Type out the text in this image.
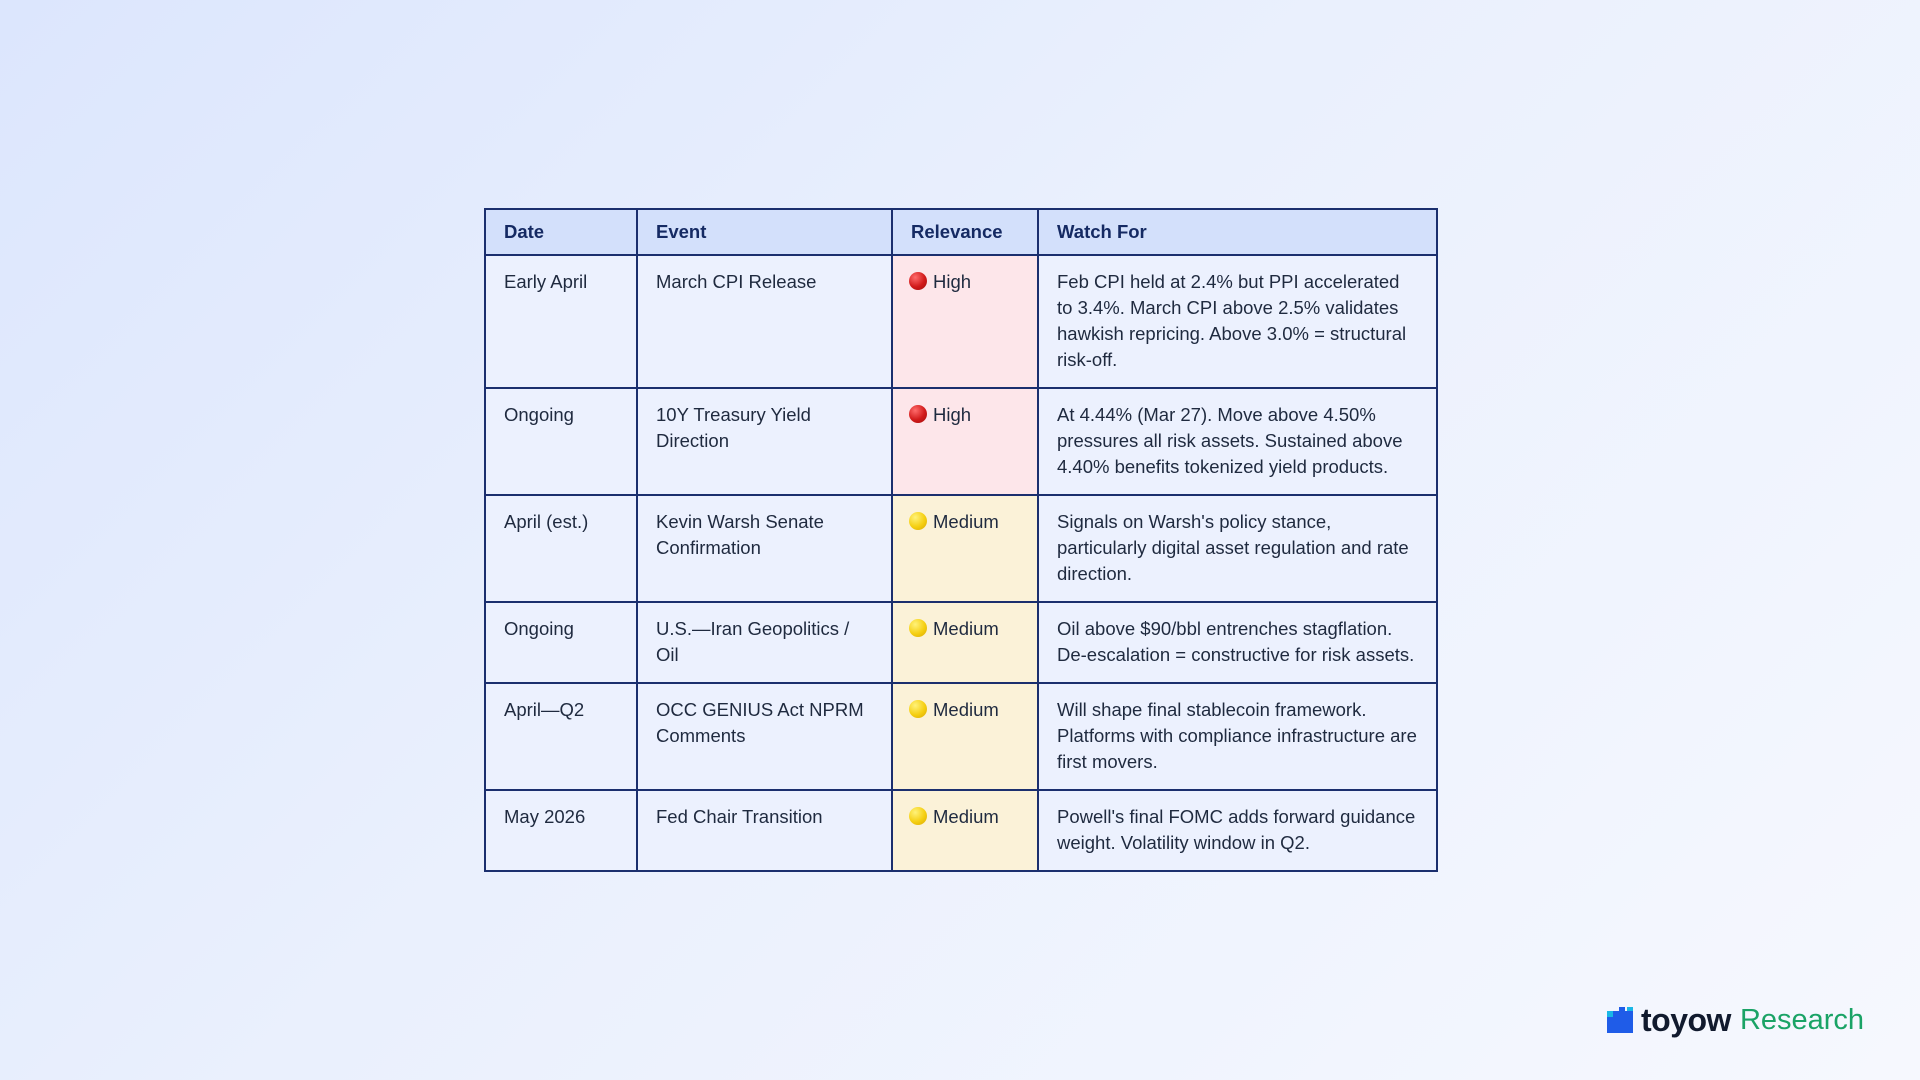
Date	Event	Relevance	Watch For
Early April	March CPI Release	High	Feb CPI held at 2.4% but PPI accelerated to 3.4%. March CPI above 2.5% validates hawkish repricing. Above 3.0% = structural risk-off.
Ongoing	10Y Treasury Yield Direction	High	At 4.44% (Mar 27). Move above 4.50% pressures all risk assets. Sustained above 4.40% benefits tokenized yield products.
April (est.)	Kevin Warsh Senate Confirmation	Medium	Signals on Warsh's policy stance, particularly digital asset regulation and rate direction.
Ongoing	U.S.—Iran Geopolitics / Oil	Medium	Oil above $90/bbl entrenches stagflation. De-escalation = constructive for risk assets.
April—Q2	OCC GENIUS Act NPRM Comments	Medium	Will shape final stablecoin framework. Platforms with compliance infrastructure are first movers.
May 2026	Fed Chair Transition	Medium	Powell's final FOMC adds forward guidance weight. Volatility window in Q2.
toyow Research
